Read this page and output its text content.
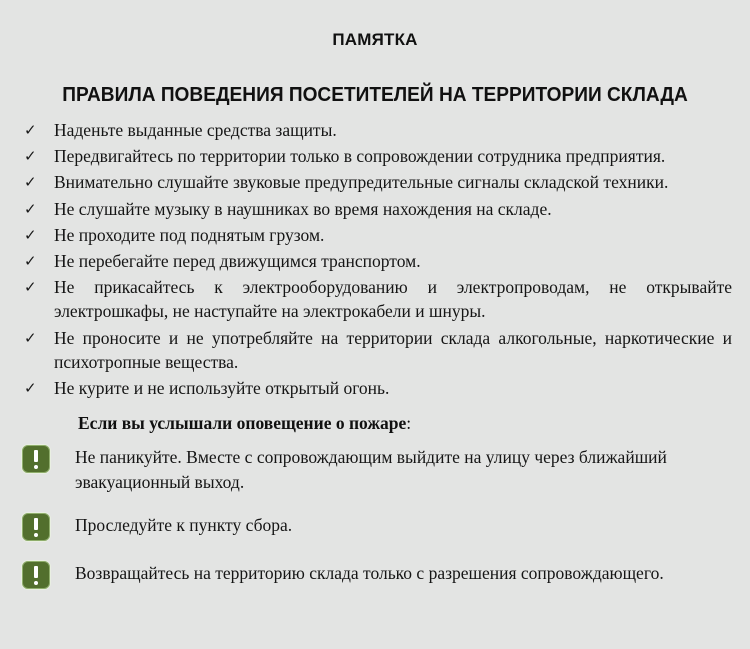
ПАМЯТКА
ПРАВИЛА ПОВЕДЕНИЯ ПОСЕТИТЕЛЕЙ НА ТЕРРИТОРИИ СКЛАДА
✓ Наденьте выданные средства защиты.
✓ Передвигайтесь по территории только в сопровождении сотрудника предприятия.
✓ Внимательно слушайте звуковые предупредительные сигналы складской техники.
✓ Не слушайте музыку в наушниках во время нахождения на складе.
✓ Не проходите под поднятым грузом.
✓ Не перебегайте перед движущимся транспортом.
✓ Не прикасайтесь к электрооборудованию и электропроводам, не открывайте электрошкафы, не наступайте на электрокабели и шнуры.
✓ Не проносите и не употребляйте на территории склада алкогольные, наркотические и психотропные вещества.
✓ Не курите и не используйте открытый огонь.
Если вы услышали оповещение о пожаре:
Не паникуйте. Вместе с сопровождающим выйдите на улицу через ближайший эвакуационный выход.
Проследуйте к пункту сбора.
Возвращайтесь на территорию склада только с разрешения сопровождающего.
